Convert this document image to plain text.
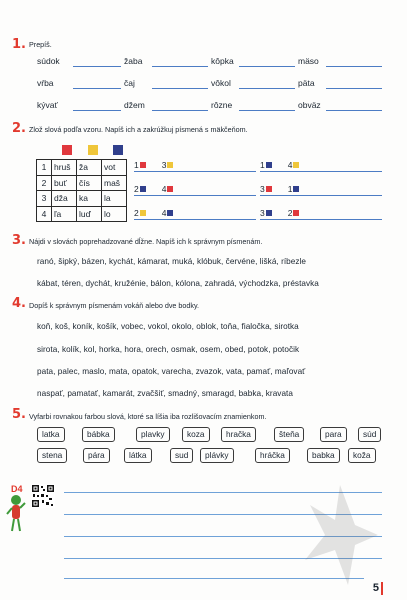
1. Prepíš.
súdok	žaba	kôpka	mäso
vŕba	čaj	vôkol	päta
kývať	džem	rôzne	obväz
2. Zlož slová podľa vzoru. Napíš ich a zakrúžkuj písmená s mäkčeňom.
1	hruš	ža	vot
2	buť	čís	maš
3	dža	ka	la
4	ľa	luď	lo
1	3	1	4
2	4	3	1
2	4	3	2
3. Nájdi v slovách poprehadzované dĺžne. Napíš ich k správnym písmenám.
ranó, šipký, bázen, kychát, kámarat, muká, klóbuk, červéne, lišká, ríbezle
kábat, téren, dychát, kružénie, bálon, kólona, zahradá, východzka, préstavka
4. Dopíš k správnym písmenám vokáň alebo dve bodky.
koň, koš, koník, košík, vobec, vokol, okolo, oblok, toňa, fialočka, sirotka
sirota, kolík, kol, horka, hora, orech, osmak, osem, obed, potok, potočik
pata, palec, maslo, mata, opatok, varecha, zvazok, vata, pamať, maľovať
naspať, pamatať, kamarát, zvačšiť, smadný, smaragd, babka, kravata
5. Vyfarbi rovnakou farbou slová, ktoré sa líšia iba rozlišovacím znamienkom.
latka	bábka	plavky	koza	hračka	šteňa	para	súd
stena	pára	látka	sud	plávky	hráčka	babka	koža
D4
5
